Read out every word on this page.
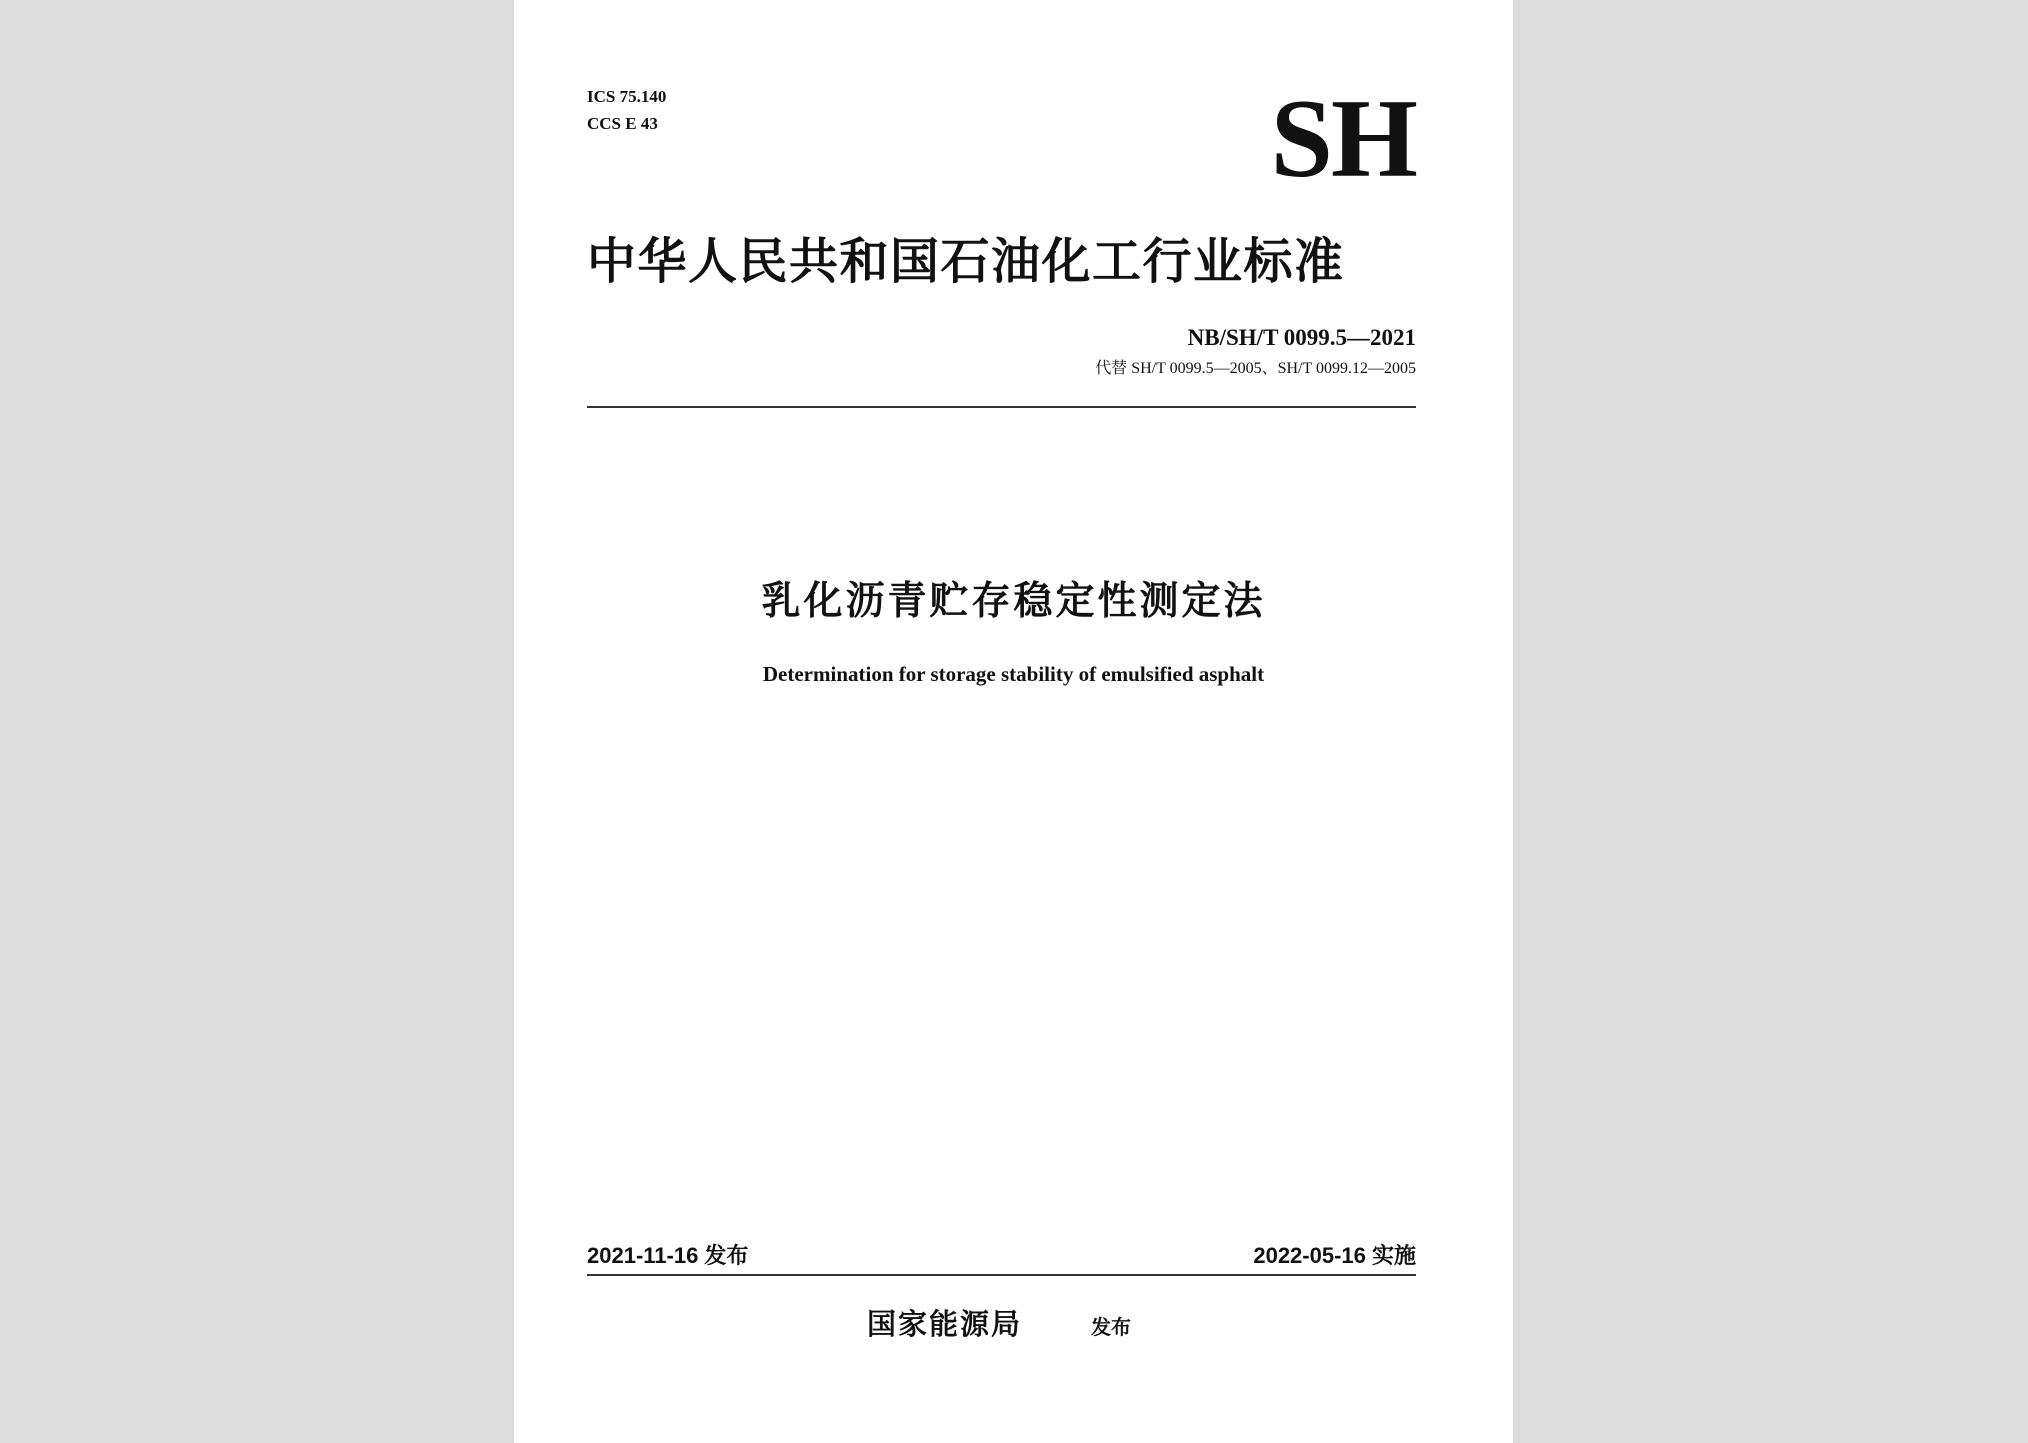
ICS 75.140
CCS E 43	SH
中华人民共和国石油化工行业标准
NB/SH/T 0099.5—2021
代替 SH/T 0099.5—2005、SH/T 0099.12—2005
乳化沥青贮存稳定性测定法
Determination for storage stability of emulsified asphalt
2021-11-16 发布	2022-05-16 实施
国家能源局	发布
